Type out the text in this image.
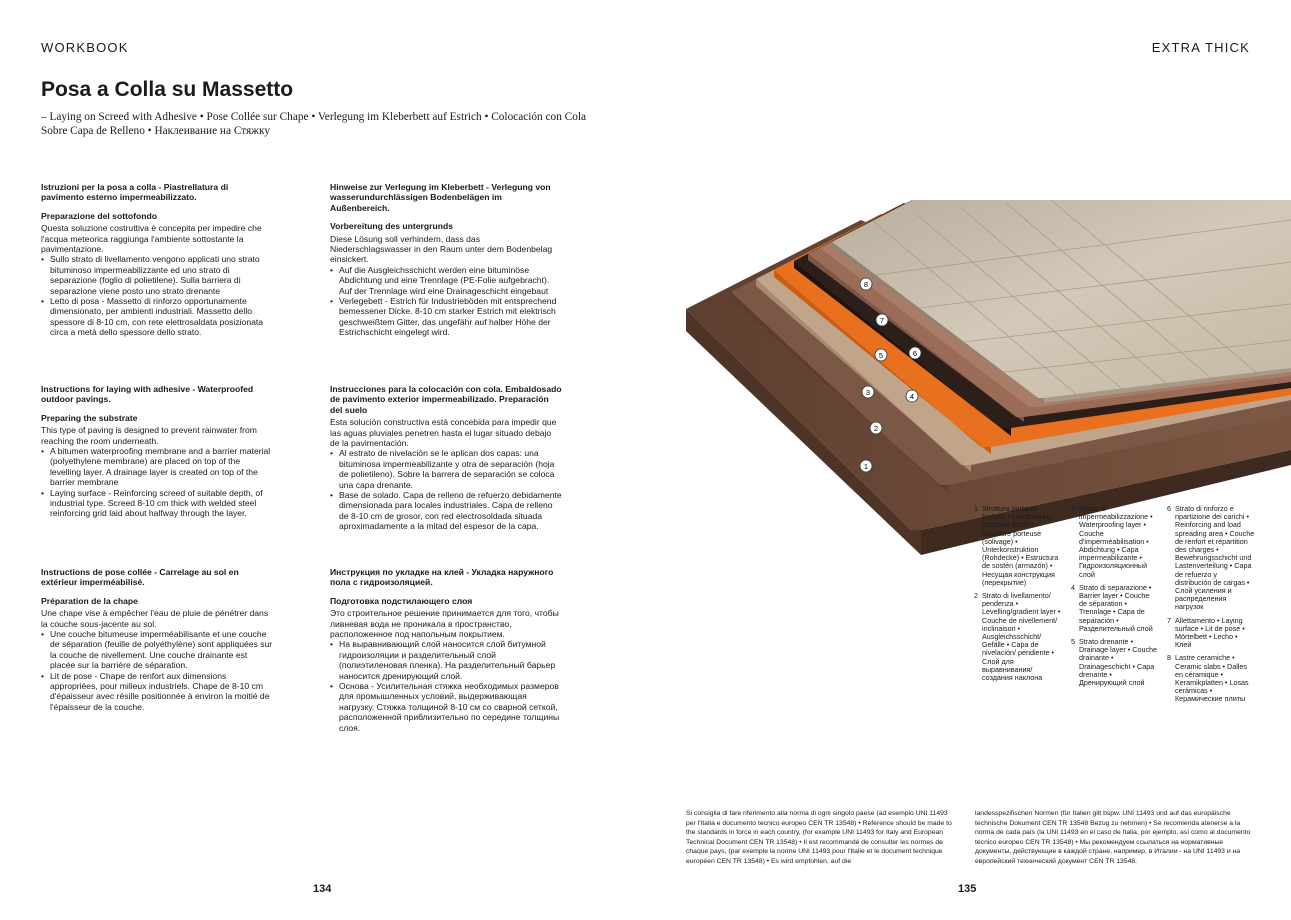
WORKBOOK	EXTRA THICK
Posa a Colla su Massetto
– Laying on Screed with Adhesive • Pose Collée sur Chape • Verlegung im Kleberbett auf Estrich • Colocación con Cola Sobre Capa de Relleno • Наклеивание на Стяжку
Istruzioni per la posa a colla - Piastrellatura di pavimento esterno impermeabilizzato.
Preparazione del sottofondo

Questa soluzione costruttiva è concepita per impedire che l'acqua meteorica raggiunga l'ambiente sottostante la pavimentazione.

• Sullo strato di livellamento vengono applicati uno strato bituminoso impermeabilizzante ed uno strato di separazione (foglio di polietilene). Sulla barriera di separazione viene posto uno strato drenante
• Letto di posa - Massetto di rinforzo opportunamente dimensionato, per ambienti industriali. Massetto dello spessore di 8-10 cm, con rete elettrosaldata posizionata circa a metà dello spessore dello strato.
Hinweise zur Verlegung im Kleberbett - Verlegung von wasserundurchlässigen Bodenbelägen im Außenbereich.
Vorbereitung des untergrunds

Diese Lösung soll verhindern, dass das Niederschlagswasser in den Raum unter dem Bodenbelag einsickert.

• Auf die Ausgleichsschicht werden eine bituminöse Abdichtung und eine Trennlage (PE-Folie aufgebracht). Auf der Trennlage wird eine Drainageschicht eingebaut
• Verlegebett - Estrich für Industrieböden mit entsprechend bemessener Dicke. 8-10 cm starker Estrich mit elektrisch geschweißtem Gitter, das ungefähr auf halber Höhe der Estrichschicht eingelegt wird.
Instructions for laying with adhesive - Waterproofed outdoor pavings.
Preparing the substrate

This type of paving is designed to prevent rainwater from reaching the room underneath.

• A bitumen waterproofing membrane and a barrier material (polyethylene membrane) are placed on top of the levelling layer. A drainage layer is created on top of the barrier membrane
• Laying surface - Reinforcing screed of suitable depth, of industrial type. Screed 8-10 cm thick with welded steel reinforcing grid laid about halfway through the layer.
Instrucciones para la colocación con cola. Embaldosado de pavimento exterior impermeabilizado. Preparación del suelo

Esta solución constructiva está concebida para impedir que las aguas pluviales penetren hasta el lugar situado debajo de la pavimentación.

• Al estrato de nivelación se le aplican dos capas: una bituminosa impermeabilizante y otra de separación (hoja de polietileno). Sobre la barrera de separación se coloca una capa drenante.
• Base de solado. Capa de relleno de refuerzo debidamente dimensionada para locales industriales. Capa de relleno de 8-10 cm de grosor, con red electrosoldada situada aproximadamente a la mitad del espesor de la capa.
Instructions de pose collée - Carrelage au sol en extérieur imperméabilisé.
Préparation de la chape

Une chape vise à empêcher l'eau de pluie de pénétrer dans la couche sous-jacente au sol.

• Une couche bitumeuse imperméabilisante et une couche de séparation (feuille de polyéthylène) sont appliquées sur la couche de nivellement. Une couche drainante est placée sur la barrière de séparation.
• Lit de pose - Chape de renfort aux dimensions appropriées, pour milieux industriels. Chape de 8-10 cm d'épaisseur avec résille positionnée à environ la moitié de l'épaisseur de la couche.
Инструкция по укладке на клей - Укладка наружного пола с гидроизоляцией.
Подготовка подстилающего слоя

Это строительное решение принимается для того, чтобы ливневая вода не проникала в пространство, расположенное под напольным покрытием.

• На выравнивающий слой наносится слой битумной гидроизоляции и разделительный слой (полиэтиленовая пленка). На разделительный барьер наносится дренирующий слой.
• Основа - Усилительная стяжка необходимых размеров для промышленных условий, выдерживающая нагрузку. Стяжка толщиной 8-10 см со сварной сеткой, расположенной приблизительно по середине толщины слоя.
1
2
3	4
5	6
7
8
1 Struttura portante (solaio) • Loadbearing structure (roof) • Structure porteuse (solivage) • Unterkonstruktion (Rohdecke) • Estructura de sostén (armazón) • Несущая конструкция (перекрытие)
2 Strato di livellamento/ pendenza • Levelling/gradient layer • Couche de nivellement/ inclinaison • Ausgleichsschicht/ Gefälle • Capa de nivelación/ pendiente • Слой для выравнивания/ создания наклона
3 Strato di impermeabilizzazione • Waterproofing layer • Couche d'imperméabilisation • Abdichtung • Capa impermeabilizante • Гидроизоляционный слой
4 Strato di separazione • Barrier layer • Couche de séparation • Trennlage • Capa de separación • Разделительный слой
5 Strato drenante • Drainage layer • Couche drainante • Drainageschicht • Capa drenante • Дренирующий слой
6 Strato di rinforzo e ripartizione dei carichi • Reinforcing and load spreading area • Couche de renfort et répartition des charges • Bewehrungsschicht und Lastenverteilung • Capa de refuerzo y distribución de cargas • Слой усиления и распределения нагрузок
7 Allettamento • Laying surface • Lit de pose • Mörtelbett • Lecho • Клей
8 Lastre ceramiche • Ceramic slabs • Dalles en céramique • Keramikplatten • Losas cerámicas • Керамические плиты
Si consiglia di fare riferimento alla norma di ogni singolo paese (ad esempio UNI 11493 per l'Italia e documento tecnico europeo CEN TR 13548) • Reference should be made to the standards in force in each country, (for example UNI 11493 for Italy and European Technical Document CEN TR 13548) • Il est recommandé de consulter les normes de chaque pays, (par exemple la norme UNI 11493 pour l'Italie et le document technique européen CEN TR 13548) • Es wird empfohlen, auf die
landesspezifischen Normen (für Italien gilt bspw. UNI 11493 und auf das europäische technische Dokument CEN TR 13548 Bezug zu nehmen) • Se recomienda atenerse a la norma de cada país (la UNI 11493 en el caso de Italia, por ejemplo, así como al documento técnico europeo CEN TR 13548) • Мы рекомендуем ссылаться на нормативные документы, действующие в каждой стране, например, в Италии - на UNI 11493 и на европейский технический документ CEN TR 13548.
134	135
